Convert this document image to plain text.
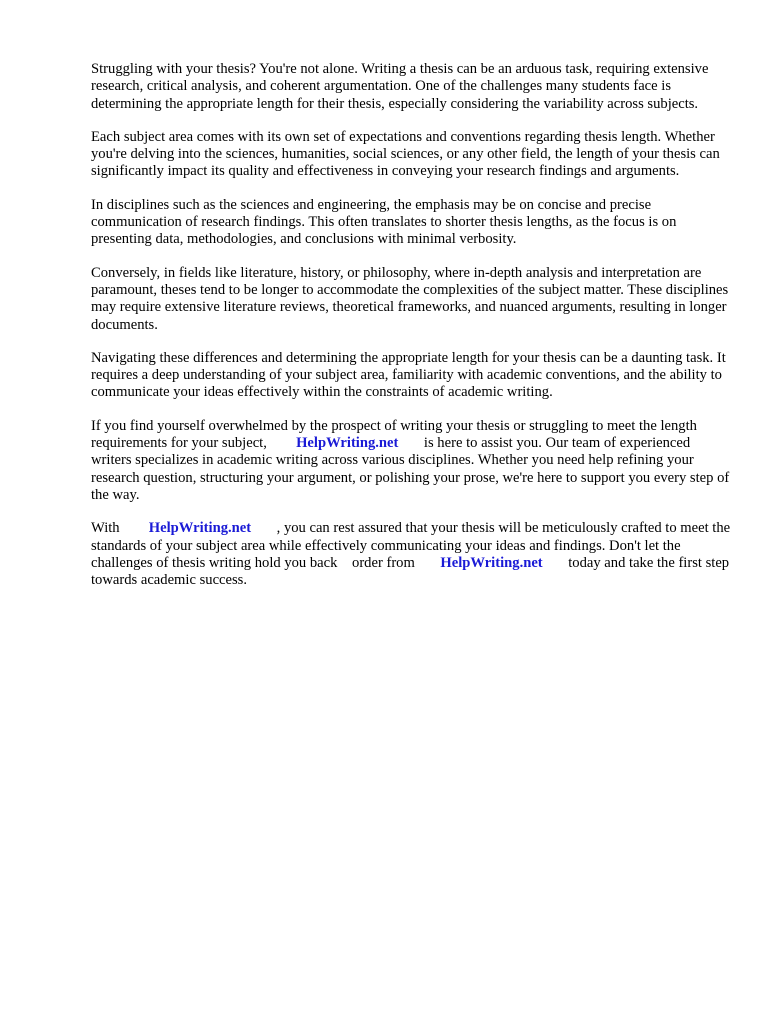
Struggling with your thesis? You're not alone. Writing a thesis can be an arduous task, requiring extensive research, critical analysis, and coherent argumentation. One of the challenges many students face is determining the appropriate length for their thesis, especially considering the variability across subjects.

Each subject area comes with its own set of expectations and conventions regarding thesis length. Whether you're delving into the sciences, humanities, social sciences, or any other field, the length of your thesis can significantly impact its quality and effectiveness in conveying your research findings and arguments.

In disciplines such as the sciences and engineering, the emphasis may be on concise and precise communication of research findings. This often translates to shorter thesis lengths, as the focus is on presenting data, methodologies, and conclusions with minimal verbosity.

Conversely, in fields like literature, history, or philosophy, where in-depth analysis and interpretation are paramount, theses tend to be longer to accommodate the complexities of the subject matter. These disciplines may require extensive literature reviews, theoretical frameworks, and nuanced arguments, resulting in longer documents.

Navigating these differences and determining the appropriate length for your thesis can be a daunting task. It requires a deep understanding of your subject area, familiarity with academic conventions, and the ability to communicate your ideas effectively within the constraints of academic writing.

If you find yourself overwhelmed by the prospect of writing your thesis or struggling to meet the length requirements for your subject, HelpWriting.net is here to assist you. Our team of experienced writers specializes in academic writing across various disciplines. Whether you need help refining your research question, structuring your argument, or polishing your prose, we're here to support you every step of the way.

With HelpWriting.net , you can rest assured that your thesis will be meticulously crafted to meet the standards of your subject area while effectively communicating your ideas and findings. Don't let the challenges of thesis writing hold you back order from HelpWriting.net today and take the first step towards academic success.
